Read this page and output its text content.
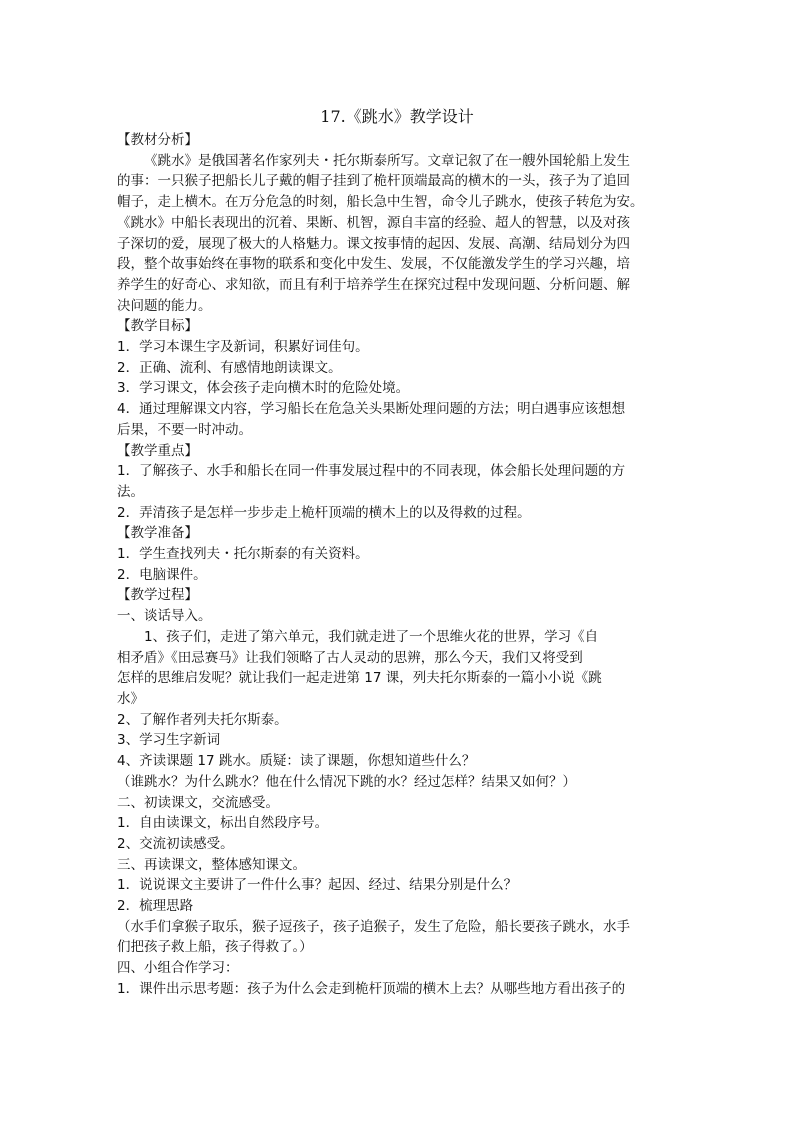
17.《跳水》教学设计
【教材分析】
《跳水》是俄国著名作家列夫・托尔斯泰所写。文章记叙了在一艘外国轮船上发生
的事：一只猴子把船长儿子戴的帽子挂到了桅杆顶端最高的横木的一头，孩子为了追回
帽子，走上横木。在万分危急的时刻，船长急中生智，命令儿子跳水，使孩子转危为安。
《跳水》中船长表现出的沉着、果断、机智，源自丰富的经验、超人的智慧，以及对孩
子深切的爱，展现了极大的人格魅力。课文按事情的起因、发展、高潮、结局划分为四
段，整个故事始终在事物的联系和变化中发生、发展，不仅能激发学生的学习兴趣，培
养学生的好奇心、求知欲，而且有利于培养学生在探究过程中发现问题、分析问题、解
决问题的能力。
【教学目标】
1．学习本课生字及新词，积累好词佳句。
2．正确、流利、有感情地朗读课文。
3．学习课文，体会孩子走向横木时的危险处境。
4．通过理解课文内容，学习船长在危急关头果断处理问题的方法；明白遇事应该想想
后果，不要一时冲动。
【教学重点】
1．了解孩子、水手和船长在同一件事发展过程中的不同表现，体会船长处理问题的方
法。
2．弄清孩子是怎样一步步走上桅杆顶端的横木上的以及得救的过程。
【教学准备】
1．学生查找列夫・托尔斯泰的有关资料。
2．电脑课件。
【教学过程】
一、谈话导入。
1、孩子们，走进了第六单元，我们就走进了一个思维火花的世界，学习《自
相矛盾》《田忌赛马》让我们领略了古人灵动的思辨，那么今天，我们又将受到
怎样的思维启发呢？就让我们一起走进第 17 课，列夫托尔斯泰的一篇小小说《跳
水》
2、了解作者列夫托尔斯泰。
3、学习生字新词
4、齐读课题 17 跳水。质疑：读了课题，你想知道些什么？
（谁跳水？为什么跳水？他在什么情况下跳的水？经过怎样？结果又如何？）
二、初读课文，交流感受。
1．自由读课文，标出自然段序号。
2、交流初读感受。
三、再读课文，整体感知课文。
1．说说课文主要讲了一件什么事？起因、经过、结果分别是什么？
2．梳理思路
（水手们拿猴子取乐，猴子逗孩子，孩子追猴子，发生了危险，船长要孩子跳水，水手
们把孩子救上船，孩子得救了。）
四、小组合作学习：
1．课件出示思考题：孩子为什么会走到桅杆顶端的横木上去？从哪些地方看出孩子的
